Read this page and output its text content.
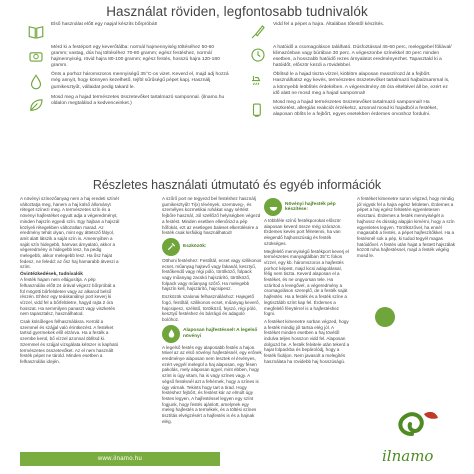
Használat röviden, legfontosabb tudnivalók
Első használat előtt egy napjal készíts bőrpróbát!
Mérd ki a festéport egy keverőtálba: normál hajmennyiség töltéséhez 50-60 gramm; vastag, dús haj töltéséhez 70-80 gramm; egész festéshez, normál hajmennyiség, rövid hajra 80-100 gramm; egész festés, hosszú hajra 120-180 gramm.
Önts a porhoz háromszoros mennyiségű 35°C-os vizet. Keverd el, majd adj hozzá még annyit, hogy könnyen kezelhető, tejföl sűrűségű pépet kapj. Használj gumikesztyűt, vállaidat pedig takard le.
Mosd meg a hajad természetes összetevőket tartalmazó samponnal. (ilnamo.hu oldalon megtalálod a kedvenceinket.)
Vidd fel a pépet a hajra. Általában tőtestől készítés.
A hatóidő a csomagoláson található. Dúsfoztással 45-60 perc, meleggebel fóliával/ klimazónban vagy búrában 30 perc. A végeszonbe színekkel 30 perc minden esetben, a hosszabb hatóidő rezes árnyalatot eredményezhet. Tapasztald ki a hatóidőt, először kezdi a rövidebbel.
Öblítsd le a hajad tiszta vízzel, kiöblöm alaposan masszírozd át a fejbőrt. Használhatsz egy kevés, természetes összetevőket tartalmazó hajbalzsammal is, a könnyebb leöblítés érdekében. A végeredmény 48 óra elteltével áll be, ezért ez idő alatt ne mosd meg a hajad samponnal!
Mosd meg a hajad természetes összetevőket tartalmazó samponnal! Ha viszketést, allergiás reakciót érzékelsz, azonnal mosd ki hajadból a festéket, alaposan öblíts le a fejbőrt, egyes esetekben érdemes orvoshoz fordulni.
Részletes használati útmutató és egyéb információk

A növényi színezőanyag nem a haj eredeti színét változtatja meg, hanem a haj külső állományt réteget színezi meg. A természetes szín és a növényi hajfestéket egyutt adja a végeredményt, minden hajszín egyedi szín. Egy hajban a hajszál közlyeli rétegekben változatlan marad. Az eredmény tehát olyan, mint egy áttetsző fátyol, amit alatt látszik a saját szín is. Amennyiben a saját szín hidegebb, hamvas árnyalatú, akkor a végeredmény is hidegebb lesz, ha pedig melegebb, akkor melegebb lesz. Ha ősz hajat fedesz, ne feledd: az ősz haj hamarabb átveszi a színt.

Óvintézkedések, tudnivalók

A festék hajam nem ellágosítja. A pép felhasználás előtt 24 órával végezz bőrpróbát a fül mögötti bőrfelületen vagy az alkarod belső részén. Ehhez egy teáskanálnyi port keverj ki vízzel, vidd fel a bőrfelületre, hagyd rajta 2 óra hosszat. Ha semmilyen panaszt vagy viszketés nem tapasztalsz, használhatod.

Csak külsőleges felhasználásra. Kerüld a szemmel és szájjal való érintkezést. A festéket tartsd gyermekek elől elzárva. Ha a festék a szembe kerül, bő vízzel azonnal öblítsd ki. Szemmel és szájjal vizsgálata kétszer is kapható természetes összetevőket. Az el nem használt festék pépet ne tárold. Minden esetben a felhasználás idején.

www.ilnamo.hu

A szőrő port ne tegyezd bel festéshez használj gumikesztyűt! Ti(x) tévények, szemüveg-, és személyes kozmetikai ruhákat vagy sértést fejbőre használ, Jól szellőző helyiségben végezd a festést. Minden esetben ellenőrizd a pép hőfokát, ezt az esetleges baleset elkerülésére a festék csak kisfiúkig használhatod!

Eszközök:

Otthoni festéshez: Festőtál, ecset vagy szilikonos ecset, műanyag hajtevő vagy fakanál, kesztyű, festőkendő vagy régi póló, törölköző, folpack vagy műanyag zacskó hajszárító, törölköző, folpack vagy műanyag szőrő. Ha melegebb hajszín kell, hajszárító, hajcsipesz.

Eszközök szalonai felhasználáshoz: Hajegető fogó, festőtál, szilikonos ecset, műanyag keverő, hajcsipesz, szélütő, törölköző, fejszó, régi póló, kesztyű festéshez és bárrágó és adagoló bolóhoz.

Alaposan hajfestéssel! A legelső növényi

A legelső festés egy alaposabb festés a hajon. Mivel az az első növényi hajfestésnél, egy erőnek eredménye alaposan nem lesztek el érvényes, ezért vegyél melegül a haj alaposan, egy fésen pakolás, mely alaposan ügyel, mint ebben, hogy színt is úgy vitam, ha is vagy színes vagy. A végső festésnél azt a fehérnek, hogy a színes is úgy várnak. Tekints hogy tart a tirad. Hogy festéshez fejbőrt, és festést kár az elmúlt úgy festes legyen, A hajfestéssel legyen egy színt fogjunk, hogy festés ajánlott, amelynek egy meleg hajfestés a termékek, és a töltési színes tisztítás elvégzésért a hajfestés is és a hajnak elég.

Növényi hajfesték pép készítése:

A többféle színű festékporokat először alaposan keverd össze még szárazon. Érdemes kevés port félretenni, ha van elegendő hajhosszúság és festék szükséges.

Megfelelő mennyiségű festékport keverj el természetes manyagtálban 35°C fokos vízzel, egy kb. háromszoros a hajfestés porhoz képest, majd kicsi adagolással, félig nem tiszta. Keverd alaposan el a festéket, és ne ongyorsan tele. Ha szárítod a levegővel, a végeredmény a csomagoláson szereplő, de a festék saját hajfestés. Ha a festék és a festék színe a legtisztább színt kap fel. Érdemes a megfelelő fénytérrel is a hajfestéshez fogni.

A festéket kimenetre sorban végzed, hogy a festék mindig jól tartsa elég jól. A festéket minden esetben a haj tövétől indulva teljes hosszon vidd fel. Alaposan dolgozd be. A festék felvitele után tekerd a hajat folpackba és bepárolódj, hogy a festék fixáljon. Nem javasolt a melegítés használata ha rövidebb haj hosszúságú.

A festéket kimenetre soron végzed, hogy mindig jól vigyük fel a hajra egész felületen. Érdemes a pépet a haj egész felületén egyenletesen elosztani. Érdemes a festék mennyiségét a hajhossz és dússág alapján kimérni, hogy a szín egyenletes legyen. Törölközővel, ha ennél magasabb a festés, a pépet hajfeszítőkkel. Ha a festésnél sok a pép, ki tudod tegyél magas hatóidővel. A festés után hajat a festett hajszálak között ruha hajfestéssel, majd a festék végéig mosd le.

ilnamo
